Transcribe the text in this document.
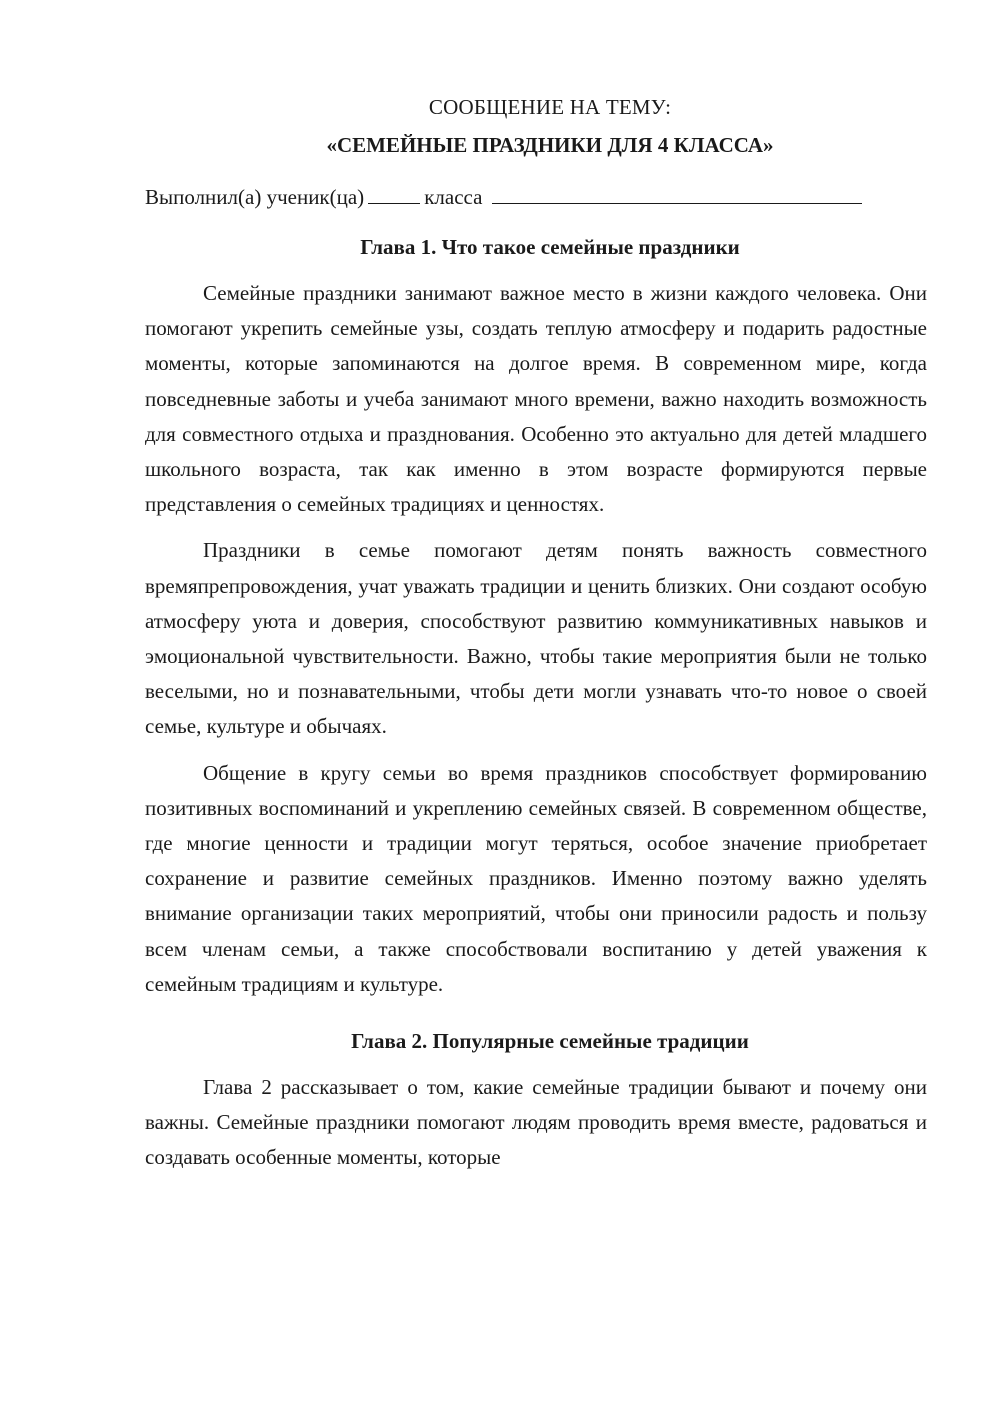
СООБЩЕНИЕ НА ТЕМУ:
«СЕМЕЙНЫЕ ПРАЗДНИКИ ДЛЯ 4 КЛАССА»
Выполнил(а) ученик(ца)	класса
Глава 1. Что такое семейные праздники

Семейные праздники занимают важное место в жизни каждого человека. Они помогают укрепить семейные узы, создать теплую атмосферу и подарить радостные моменты, которые запоминаются на долгое время. В современном мире, когда повседневные заботы и учеба занимают много времени, важно находить возможность для совместного отдыха и празднования. Особенно это актуально для детей младшего школьного возраста, так как именно в этом возрасте формируются первые представления о семейных традициях и ценностях.

Праздники в семье помогают детям понять важность совместного времяпрепровождения, учат уважать традиции и ценить близких. Они создают особую атмосферу уюта и доверия, способствуют развитию коммуникативных навыков и эмоциональной чувствительности. Важно, чтобы такие мероприятия были не только веселыми, но и познавательными, чтобы дети могли узнавать что-то новое о своей семье, культуре и обычаях.

Общение в кругу семьи во время праздников способствует формированию позитивных воспоминаний и укреплению семейных связей. В современном обществе, где многие ценности и традиции могут теряться, особое значение приобретает сохранение и развитие семейных праздников. Именно поэтому важно уделять внимание организации таких мероприятий, чтобы они приносили радость и пользу всем членам семьи, а также способствовали воспитанию у детей уважения к семейным традициям и культуре.

Глава 2. Популярные семейные традиции

Глава 2 рассказывает о том, какие семейные традиции бывают и почему они важны. Семейные праздники помогают людям проводить время вместе, радоваться и создавать особенные моменты, которые
